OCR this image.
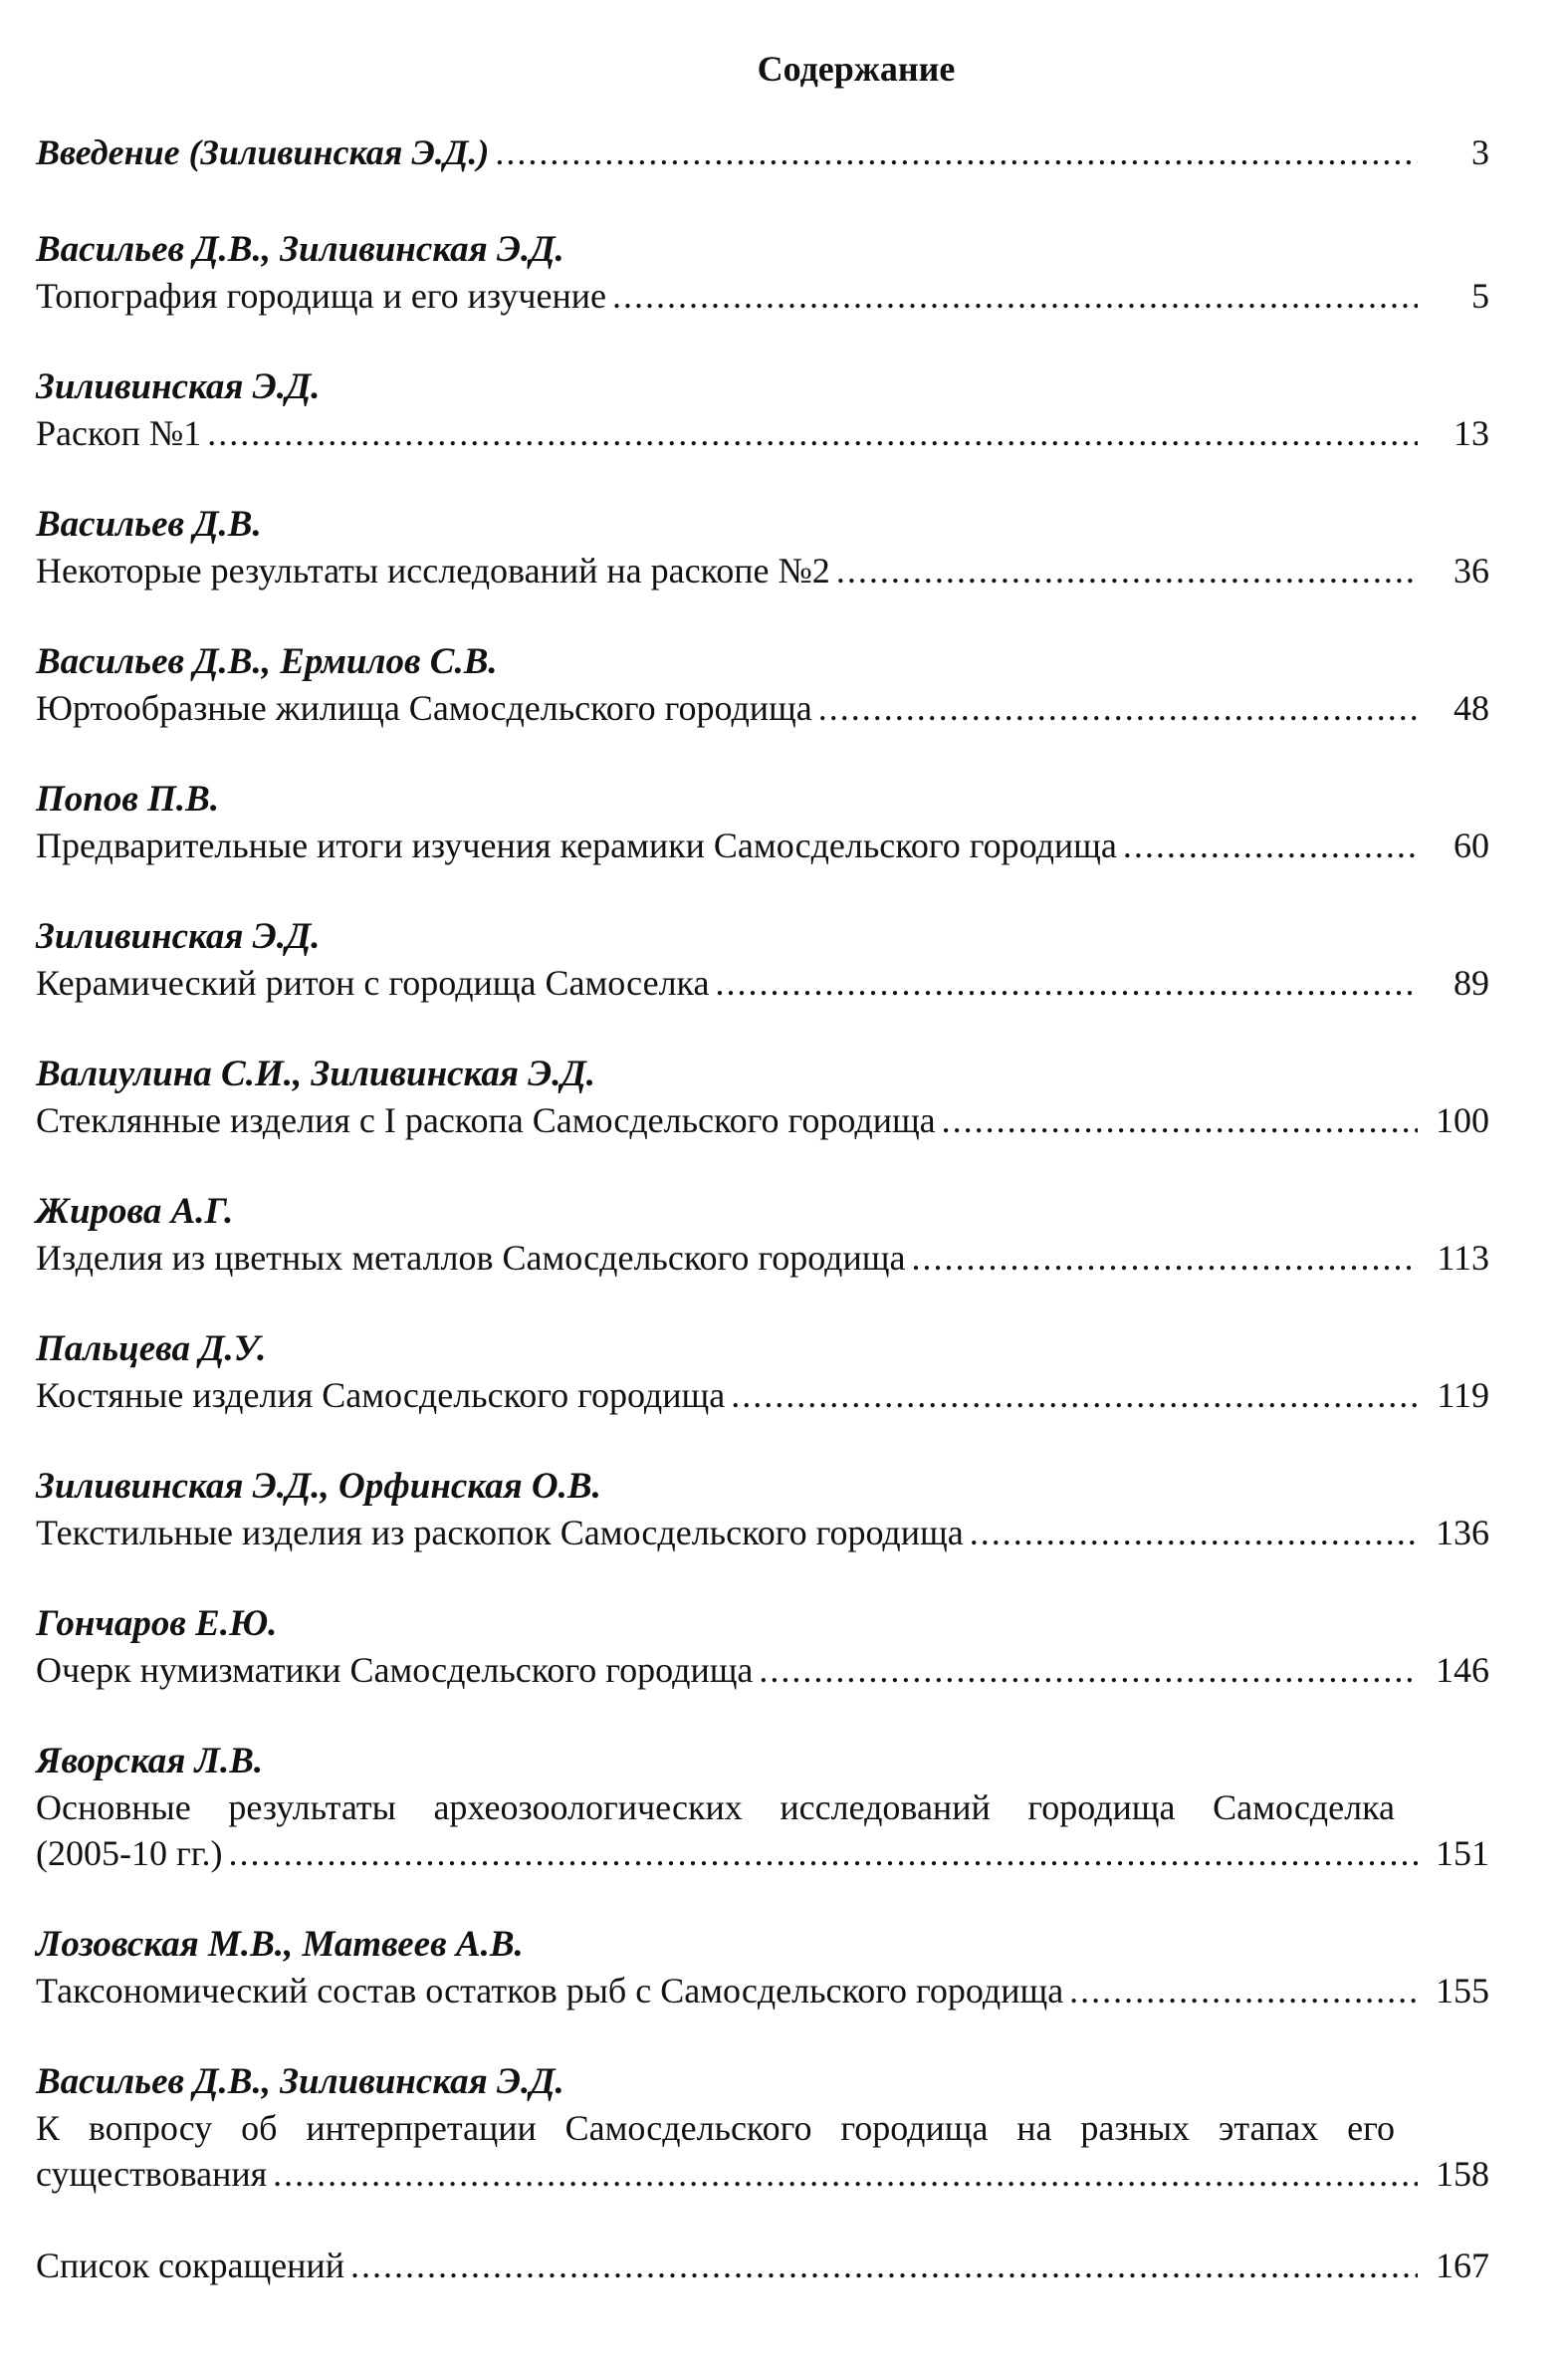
Содержание
Введение (Зиливинская Э.Д.) .....	3
Васильев Д.В., Зиливинская Э.Д.
Топография городища и его изучение .....	5
Зиливинская Э.Д.
Раскоп №1 .....	13
Васильев Д.В.
Некоторые результаты исследований на раскопе №2 .....	36
Васильев Д.В., Ермилов С.В.
Юртообразные жилища Самосдельского городища .....	48
Попов П.В.
Предварительные итоги изучения керамики Самосдельского городища .....	60
Зиливинская Э.Д.
Керамический ритон с городища Самоселка .....	89
Валиулина С.И., Зиливинская Э.Д.
Стеклянные изделия с I раскопа Самосдельского городища .....	100
Жирова А.Г.
Изделия из цветных металлов Самосдельского городища .....	113
Пальцева Д.У.
Костяные изделия Самосдельского городища .....	119
Зиливинская Э.Д., Орфинская О.В.
Текстильные изделия из раскопок Самосдельского городища .....	136
Гончаров Е.Ю.
Очерк нумизматики Самосдельского городища .....	146
Яворская Л.В.
Основные результаты археозоологических исследований городища Самосделка
(2005-10 гг.) .....	151
Лозовская М.В., Матвеев А.В.
Таксономический состав остатков рыб с Самосдельского городища .....	155
Васильев Д.В., Зиливинская Э.Д.
К вопросу об интерпретации Самосдельского городища на разных этапах его
существования .....	158
Список сокращений .....	167
